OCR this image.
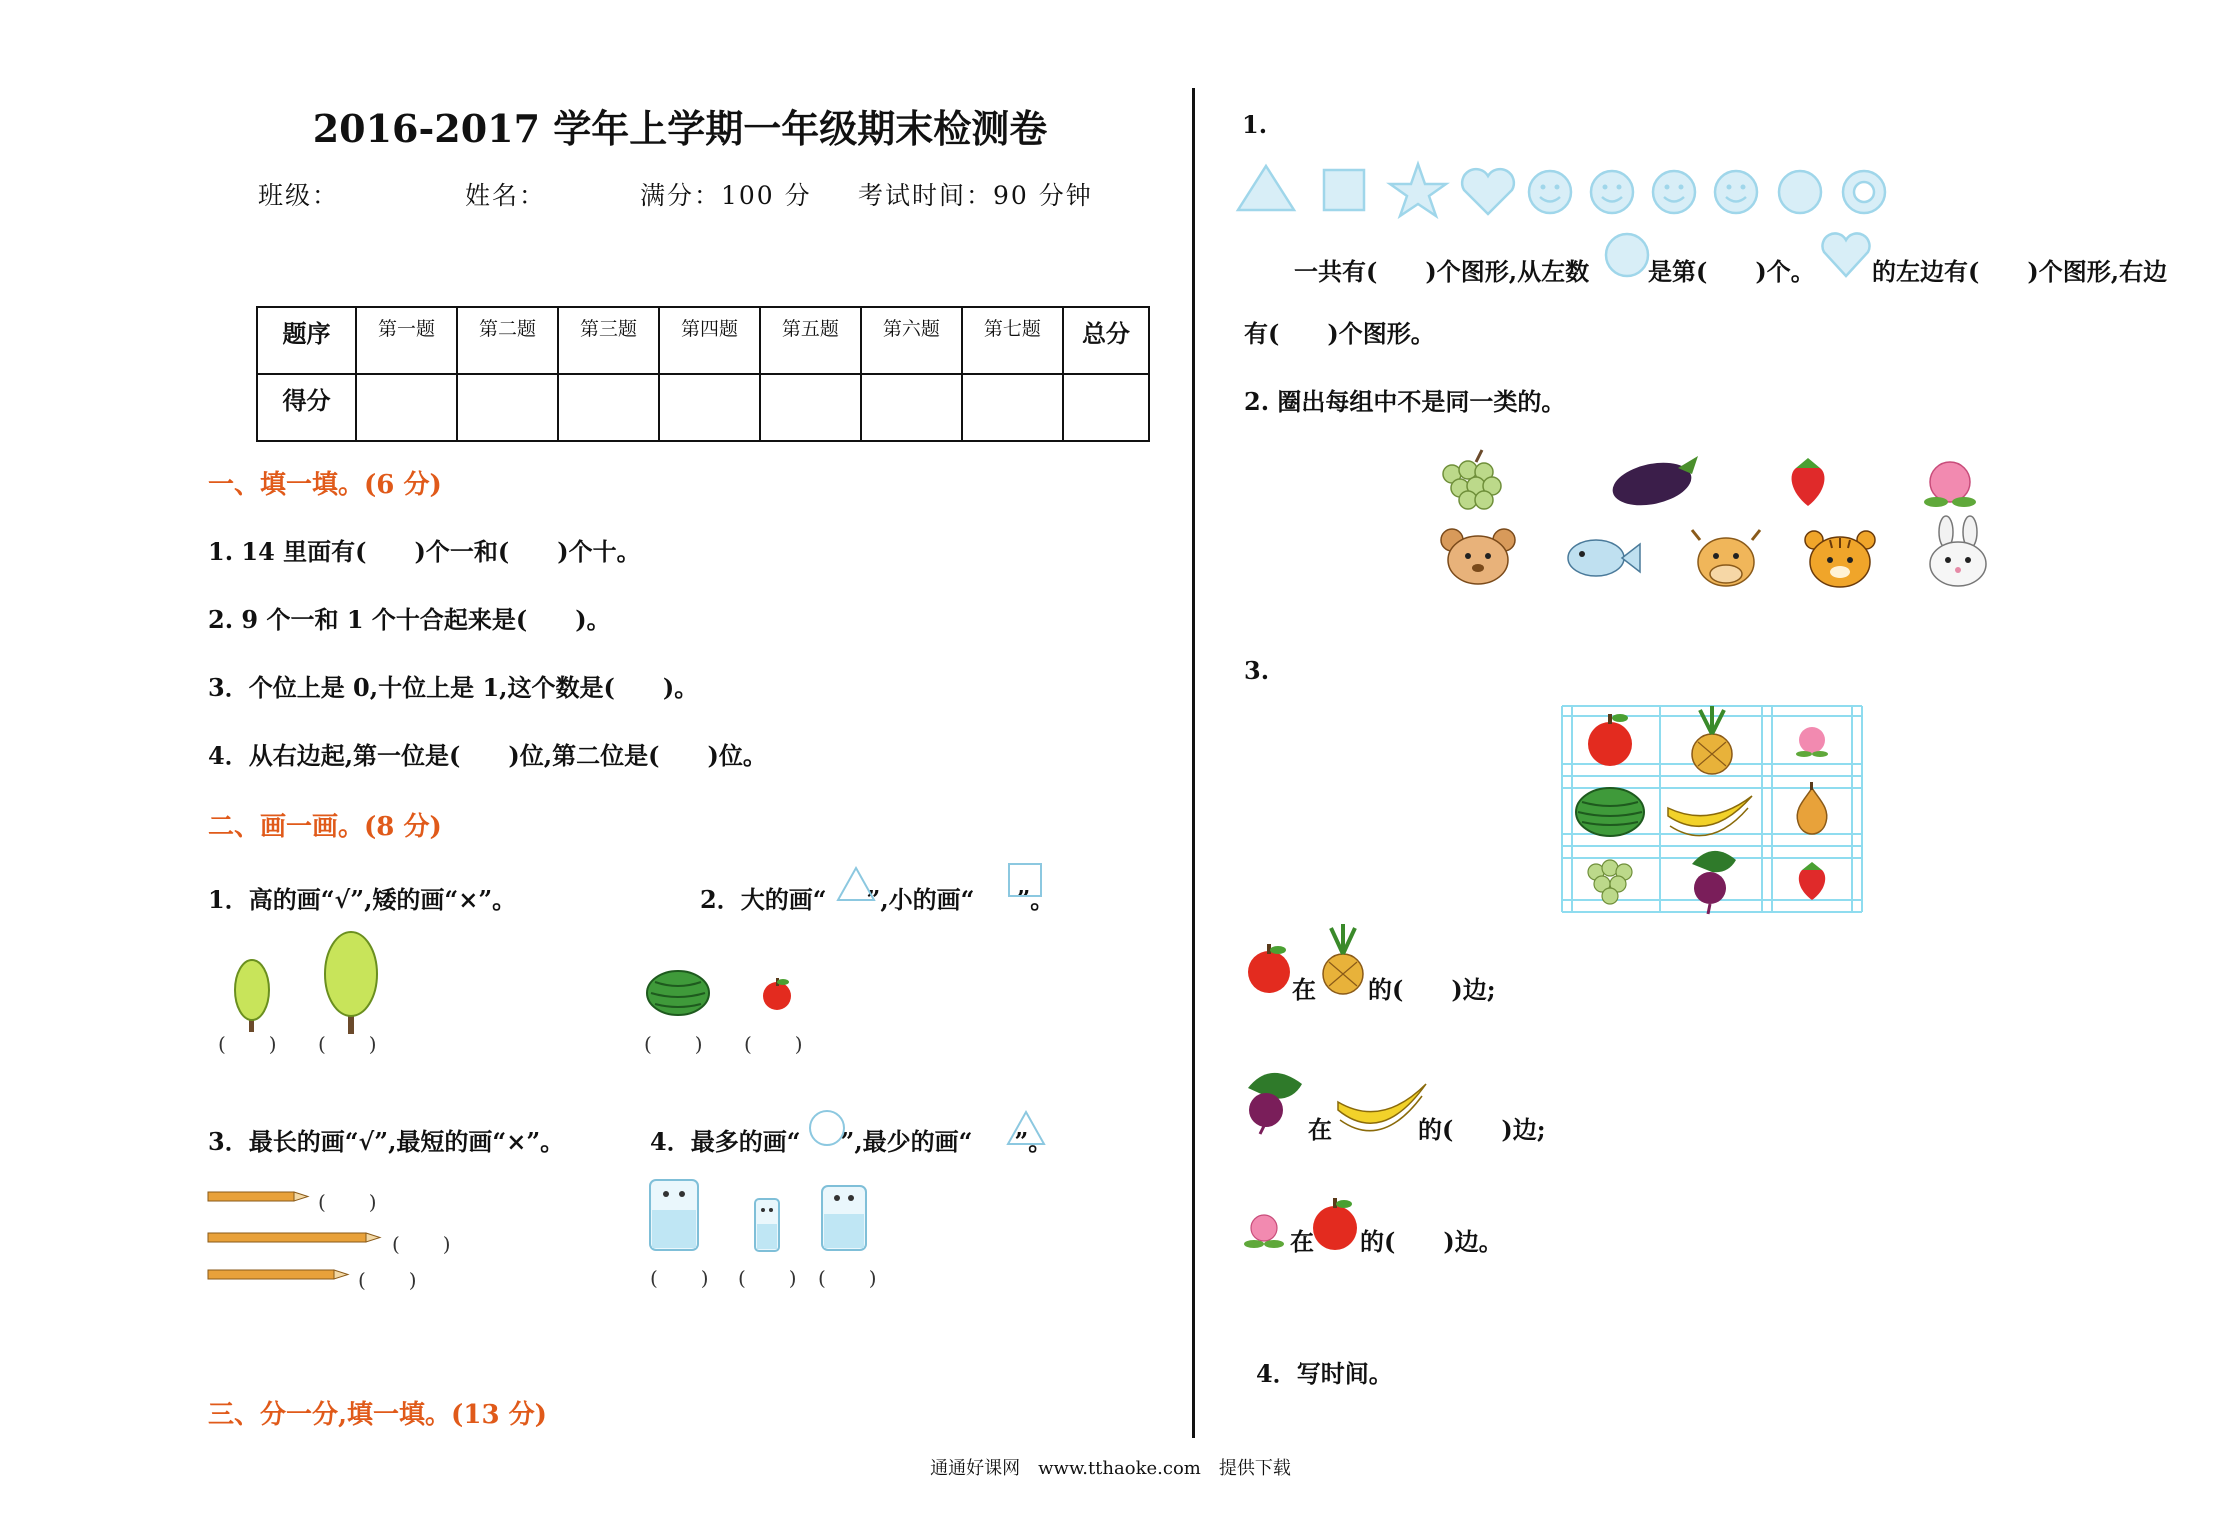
2016-2017 学年上学期一年级期末检测卷
班级：	姓名：	满分：100 分 考试时间：90 分钟
题序	第一题	第二题	第三题	第四题	第五题	第六题	第七题	总分
得分								
一、填一填。(6 分)
1. 14 里面有(　　)个一和(　　)个十。
2. 9 个一和 1 个十合起来是(　　)。
3．个位上是 0,十位上是 1,这个数是(　　)。
4．从右边起,第一位是(　　)位,第二位是(　　)位。
二、画一画。(8 分)
1．高的画“√”,矮的画“×”。	2．大的画“ ”,小的画“ ”。
(　　) (　　)	(　　) (　　)
3．最长的画“√”,最短的画“×”。	4．最多的画“ ”,最少的画“ ”。
(　　)
(　　)
(　　)	(　　) (　　) (　　)
三、分一分,填一填。(13 分)
1.
一共有(　　)个图形,从左数 是第(　　)个。 的左边有(　　)个图形,右边
有(　　)个图形。
2. 圈出每组中不是同一类的。
3.
在 的(　　)边;
在	的(　　)边;
在 的(　　)边。
4．写时间。
通通好课网　www.tthaoke.com　提供下载
